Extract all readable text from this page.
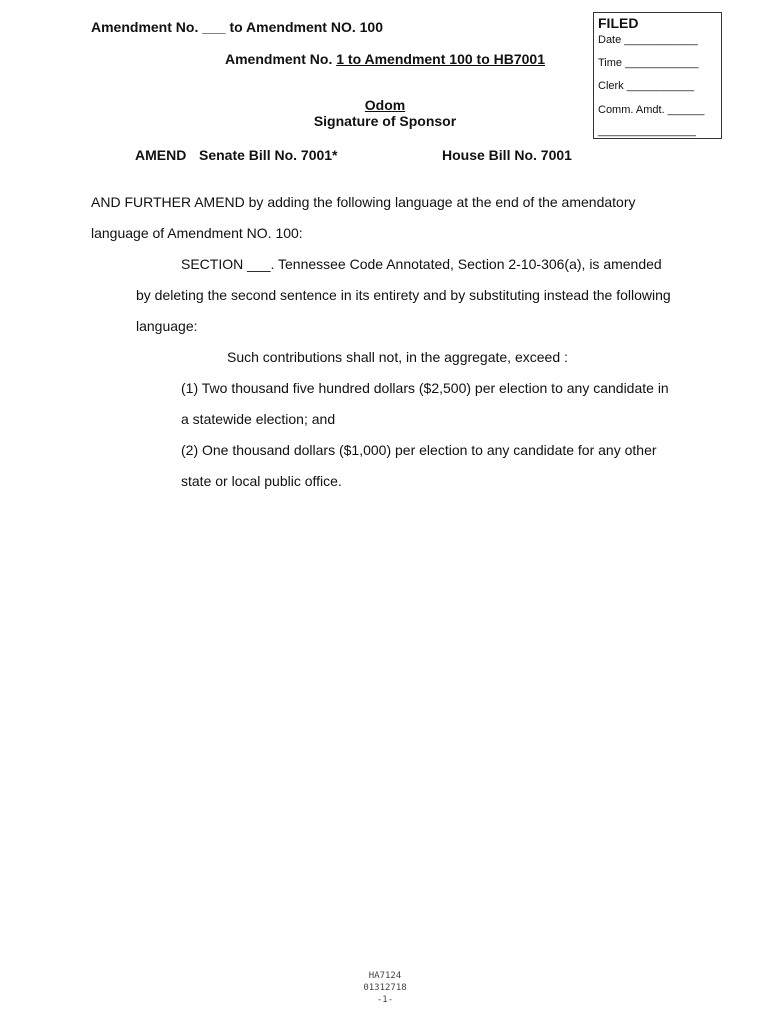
Amendment No. ___ to Amendment NO. 100
Amendment No. 1 to Amendment 100 to HB7001
Odom
Signature of Sponsor
AMEND Senate Bill No. 7001*	House Bill No. 7001
FILED
Date ____________
Time ____________
Clerk ___________
Comm. Amdt. ______
________________
AND FURTHER AMEND by adding the following language at the end of the amendatory
language of Amendment NO. 100:
SECTION ___. Tennessee Code Annotated, Section 2-10-306(a), is amended
by deleting the second sentence in its entirety and by substituting instead the following
language:
Such contributions shall not, in the aggregate, exceed :
(1) Two thousand five hundred dollars ($2,500) per election to any candidate in
a statewide election; and
(2) One thousand dollars ($1,000) per election to any candidate for any other
state or local public office.
HA7124
01312718
-1-
